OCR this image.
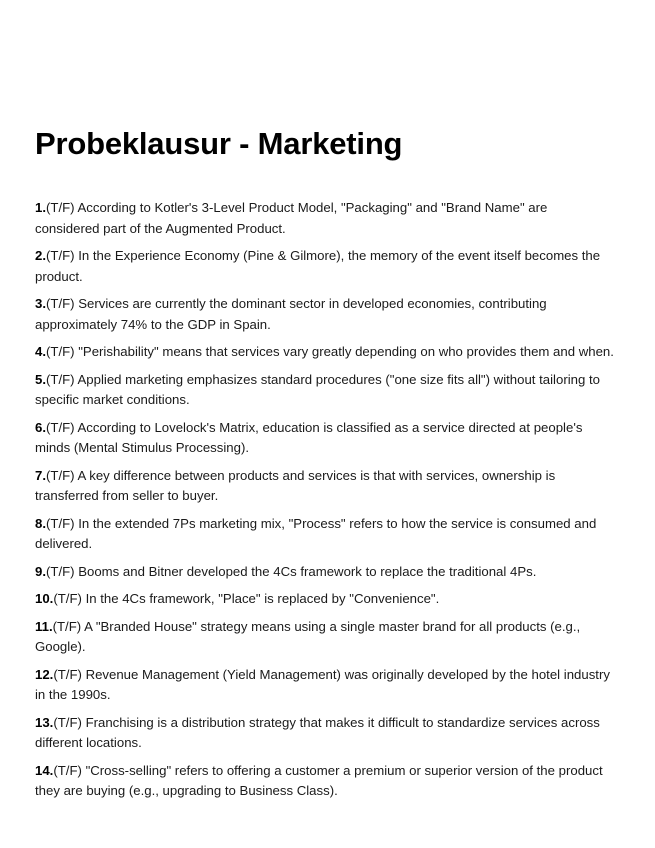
Probeklausur - Marketing
1.(T/F) According to Kotler's 3-Level Product Model, "Packaging" and "Brand Name" are considered part of the Augmented Product.
2.(T/F) In the Experience Economy (Pine & Gilmore), the memory of the event itself becomes the product.
3.(T/F) Services are currently the dominant sector in developed economies, contributing approximately 74% to the GDP in Spain.
4.(T/F) "Perishability" means that services vary greatly depending on who provides them and when.
5.(T/F) Applied marketing emphasizes standard procedures ("one size fits all") without tailoring to specific market conditions.
6.(T/F) According to Lovelock's Matrix, education is classified as a service directed at people's minds (Mental Stimulus Processing).
7.(T/F) A key difference between products and services is that with services, ownership is transferred from seller to buyer.
8.(T/F) In the extended 7Ps marketing mix, "Process" refers to how the service is consumed and delivered.
9.(T/F) Booms and Bitner developed the 4Cs framework to replace the traditional 4Ps.
10.(T/F) In the 4Cs framework, "Place" is replaced by "Convenience".
11.(T/F) A "Branded House" strategy means using a single master brand for all products (e.g., Google).
12.(T/F) Revenue Management (Yield Management) was originally developed by the hotel industry in the 1990s.
13.(T/F) Franchising is a distribution strategy that makes it difficult to standardize services across different locations.
14.(T/F) "Cross-selling" refers to offering a customer a premium or superior version of the product they are buying (e.g., upgrading to Business Class).
